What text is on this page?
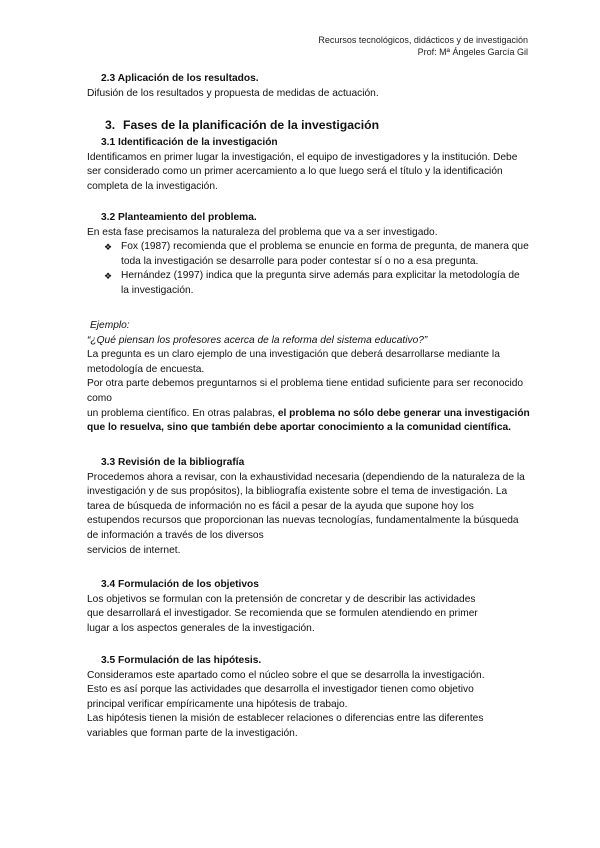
Recursos tecnológicos, didácticos y de investigación
Prof: Mª Ángeles García Gil
2.3 Aplicación de los resultados.

Difusión de los resultados y propuesta de medidas de actuación.

3. Fases de la planificación de la investigación
3.1 Identificación de la investigación

Identificamos en primer lugar la investigación, el equipo de investigadores y la institución. Debe

ser considerado como un primer acercamiento a lo que luego será el título y la identificación

completa de la investigación.

3.2 Planteamiento del problema.

En esta fase precisamos la naturaleza del problema que va a ser investigado.

❖ Fox (1987) recomienda que el problema se enuncie en forma de pregunta, de manera que

toda la investigación se desarrolle para poder contestar sí o no a esa pregunta.

❖ Hernández (1997) indica que la pregunta sirve además para explicitar la metodología de

la investigación.

Ejemplo:

“¿Qué piensan los profesores acerca de la reforma del sistema educativo?”

La pregunta es un claro ejemplo de una investigación que deberá desarrollarse mediante la

metodología de encuesta.

Por otra parte debemos preguntarnos si el problema tiene entidad suficiente para ser reconocido

como

un problema científico. En otras palabras, el problema no sólo debe generar una investigación

que lo resuelva, sino que también debe aportar conocimiento a la comunidad científica.

3.3 Revisión de la bibliografía

Procedemos ahora a revisar, con la exhaustividad necesaria (dependiendo de la naturaleza de la

investigación y de sus propósitos), la bibliografía existente sobre el tema de investigación. La

tarea de búsqueda de información no es fácil a pesar de la ayuda que supone hoy los

estupendos recursos que proporcionan las nuevas tecnologías, fundamentalmente la búsqueda

de información a través de los diversos

servicios de internet.

3.4 Formulación de los objetivos

Los objetivos se formulan con la pretensión de concretar y de describir las actividades

que desarrollará el investigador. Se recomienda que se formulen atendiendo en primer

lugar a los aspectos generales de la investigación.

3.5 Formulación de las hipótesis.

Consideramos este apartado como el núcleo sobre el que se desarrolla la investigación.

Esto es así porque las actividades que desarrolla el investigador tienen como objetivo

principal verificar empíricamente una hipótesis de trabajo.

Las hipótesis tienen la misión de establecer relaciones o diferencias entre las diferentes

variables que forman parte de la investigación.
